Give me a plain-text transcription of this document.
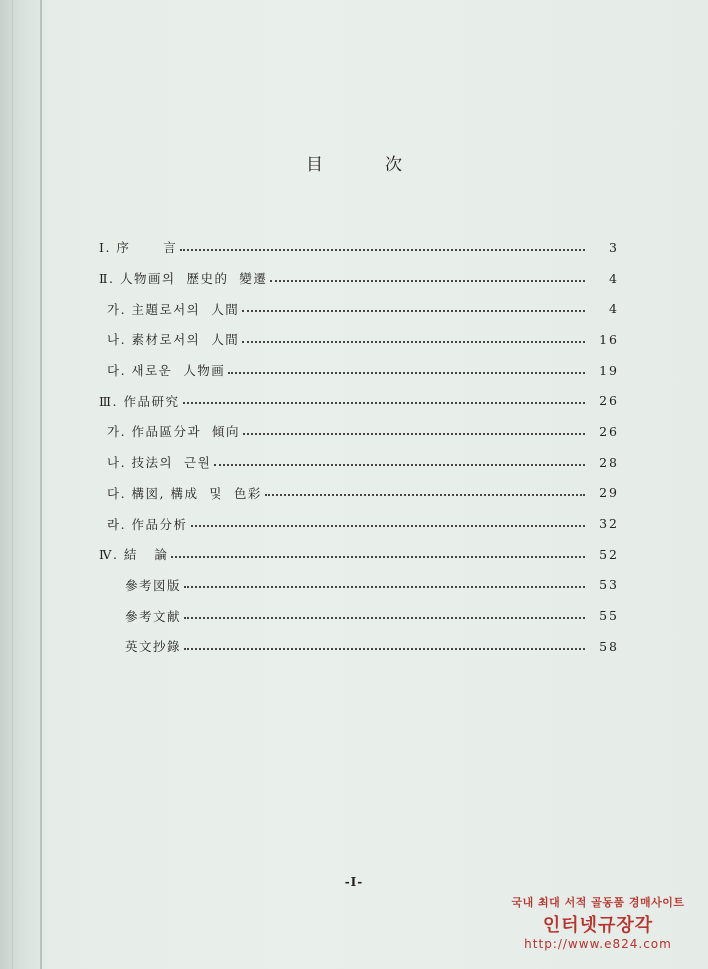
目	次
Ⅰ. 序      言	3
Ⅱ. 人物画의  歷史的  變遷	4
가. 主題로서의  人間	4
나. 素材로서의  人間	16
다. 새로운  人物画	19
Ⅲ. 作品研究	26
가. 作品區分과  傾向	26
나. 技法의  근원	28
다. 構図, 構成  및  色彩	29
라. 作品分析	32
Ⅳ. 結   論	52
參考図版	53
參考文献	55
英文抄錄	58
-Ⅰ-
국내 최대 서적 골동품 경매사이트
인터넷규장각
http://www.e824.com
